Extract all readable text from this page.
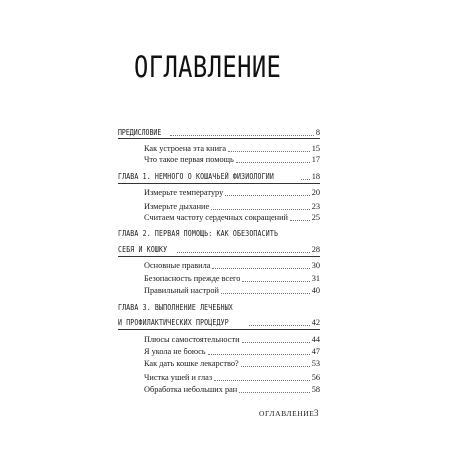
ОГЛАВЛЕНИЕ
ПРЕДИСЛОВИЕ	8
Как устроена эта книга	15
Что такое первая помощь	17
ГЛАВА 1. НЕМНОГО О КОШАЧЬЕЙ ФИЗИОЛОГИИ	18
Измерьте температуру	20
Измерьте дыхание	23
Считаем частоту сердечных сокращений	25
ГЛАВА 2. ПЕРВАЯ ПОМОЩЬ: КАК ОБЕЗОПАСИТЬ
СЕБЯ И КОШКУ	28
Основные правила	30
Безопасность прежде всего	31
Правильный настрой	40
ГЛАВА 3. ВЫПОЛНЕНИЕ ЛЕЧЕБНЫХ
И ПРОФИЛАКТИЧЕСКИХ ПРОЦЕДУР	42
Плюсы самостоятельности	44
Я укола не боюсь	47
Как дать кошке лекарство?	53
Чистка ушей и глаз	56
Обработка небольших ран	58
ОГЛАВЛЕНИЕ 3
